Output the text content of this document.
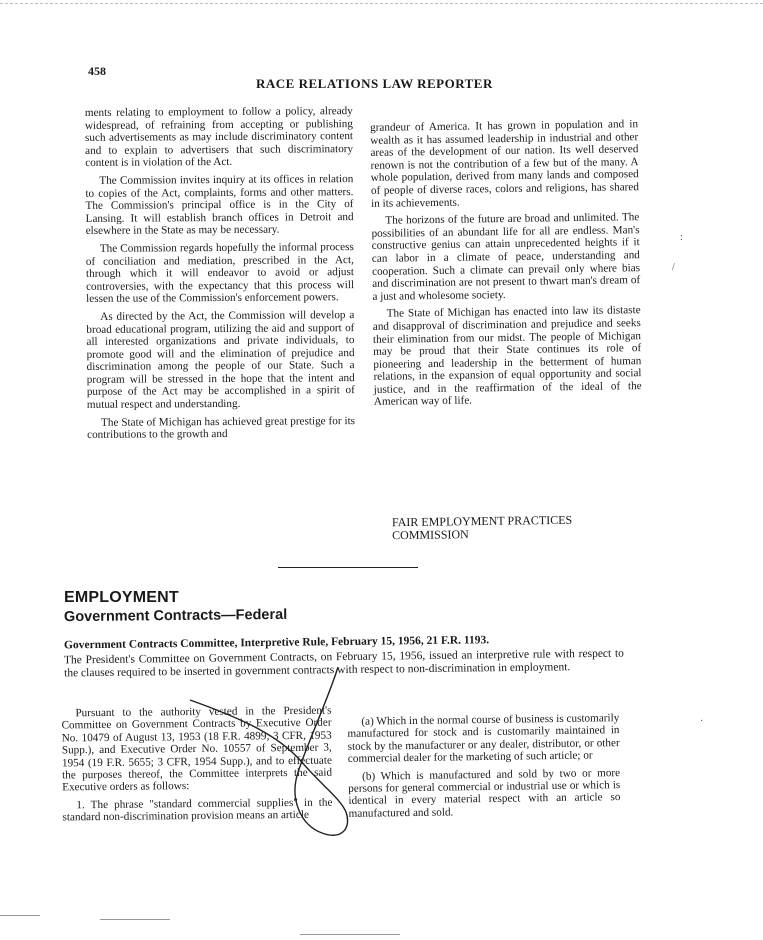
458
RACE RELATIONS LAW REPORTER

ments relating to employment to follow a policy, already widespread, of refraining from accepting or publishing such advertisements as may include discriminatory content and to explain to advertisers that such discriminatory content is in violation of the Act.

The Commission invites inquiry at its offices in relation to copies of the Act, complaints, forms and other matters. The Commission's principal office is in the City of Lansing. It will establish branch offices in Detroit and elsewhere in the State as may be necessary.

The Commission regards hopefully the informal process of conciliation and mediation, prescribed in the Act, through which it will endeavor to avoid or adjust controversies, with the expectancy that this process will lessen the use of the Commission's enforcement powers.

As directed by the Act, the Commission will develop a broad educational program, utilizing the aid and support of all interested organizations and private individuals, to promote good will and the elimination of prejudice and discrimination among the people of our State. Such a program will be stressed in the hope that the intent and purpose of the Act may be accomplished in a spirit of mutual respect and understanding.

The State of Michigan has achieved great prestige for its contributions to the growth and

grandeur of America. It has grown in population and in wealth as it has assumed leadership in industrial and other areas of the development of our nation. Its well deserved renown is not the contribution of a few but of the many. A whole population, derived from many lands and composed of people of diverse races, colors and religions, has shared in its achievements.

The horizons of the future are broad and unlimited. The possibilities of an abundant life for all are endless. Man's constructive genius can attain unprecedented heights if it can labor in a climate of peace, understanding and cooperation. Such a climate can prevail only where bias and discrimination are not present to thwart man's dream of a just and wholesome society.

The State of Michigan has enacted into law its distaste and disapproval of discrimination and prejudice and seeks their elimination from our midst. The people of Michigan may be proud that their State continues its role of pioneering and leadership in the betterment of human relations, in the expansion of equal opportunity and social justice, and in the reaffirmation of the ideal of the American way of life.

FAIR EMPLOYMENT PRACTICES
COMMISSION
EMPLOYMENT
Government Contracts—Federal
Government Contracts Committee, Interpretive Rule, February 15, 1956, 21 F.R. 1193.
The President's Committee on Government Contracts, on February 15, 1956, issued an interpretive rule with respect to the clauses required to be inserted in government contracts with respect to non-discrimination in employment.

Pursuant to the authority vested in the President's Committee on Government Contracts by Executive Order No. 10479 of August 13, 1953 (18 F.R. 4899; 3 CFR, 1953 Supp.), and Executive Order No. 10557 of September 3, 1954 (19 F.R. 5655; 3 CFR, 1954 Supp.), and to effectuate the purposes thereof, the Committee interprets the said Executive orders as follows:

1. The phrase "standard commercial supplies" in the standard non-discrimination provision means an article

(a) Which in the normal course of business is customarily manufactured for stock and is customarily maintained in stock by the manufacturer or any dealer, distributor, or other commercial dealer for the marketing of such article; or

(b) Which is manufactured and sold by two or more persons for general commercial or industrial use or which is identical in every material respect with an article so manufactured and sold.

:
/
·
